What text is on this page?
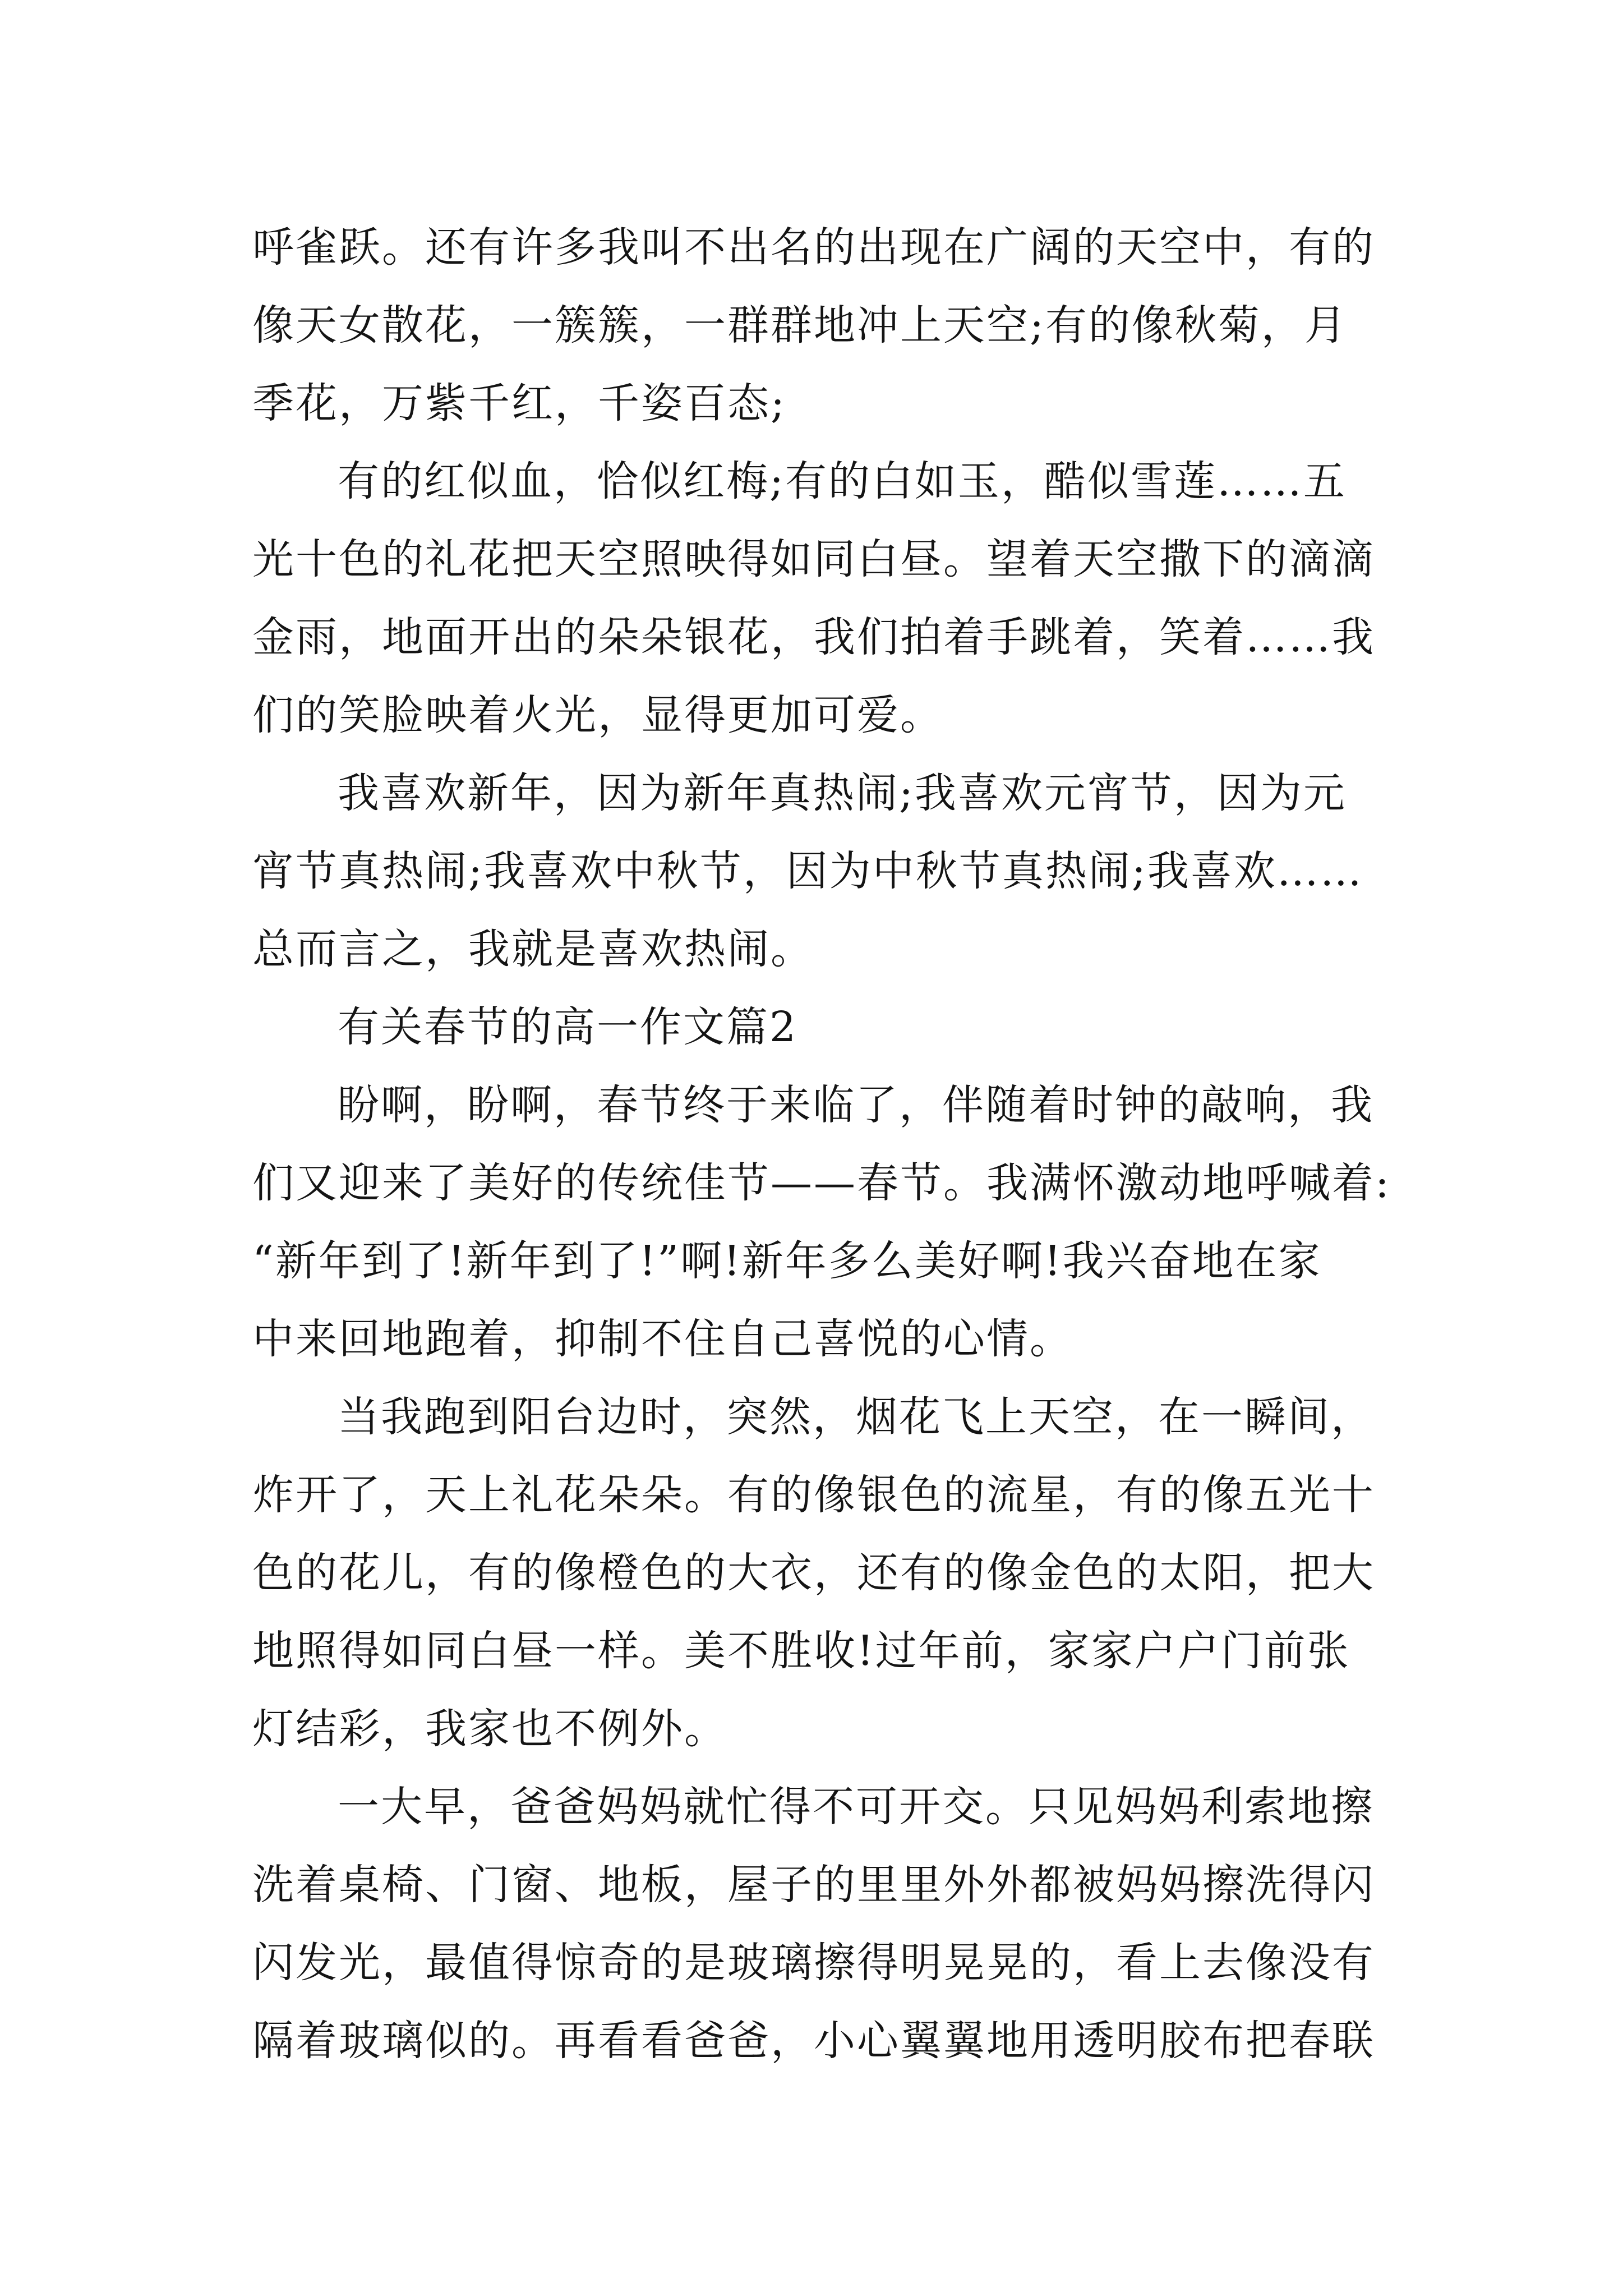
呼雀跃。还有许多我叫不出名的出现在广阔的天空中，有的
像天女散花，一簇簇，一群群地冲上天空;有的像秋菊，月
季花，万紫千红，千姿百态;
有的红似血，恰似红梅;有的白如玉，酷似雪莲……五
光十色的礼花把天空照映得如同白昼。望着天空撒下的滴滴
金雨，地面开出的朵朵银花，我们拍着手跳着，笑着……我
们的笑脸映着火光，显得更加可爱。
我喜欢新年，因为新年真热闹;我喜欢元宵节，因为元
宵节真热闹;我喜欢中秋节，因为中秋节真热闹;我喜欢……
总而言之，我就是喜欢热闹。
有关春节的高一作文篇2
盼啊，盼啊，春节终于来临了，伴随着时钟的敲响，我
们又迎来了美好的传统佳节——春节。我满怀激动地呼喊着:
“新年到了!新年到了!”啊!新年多么美好啊!我兴奋地在家
中来回地跑着，抑制不住自己喜悦的心情。
当我跑到阳台边时，突然，烟花飞上天空，在一瞬间，
炸开了，天上礼花朵朵。有的像银色的流星，有的像五光十
色的花儿，有的像橙色的大衣，还有的像金色的太阳，把大
地照得如同白昼一样。美不胜收!过年前，家家户户门前张
灯结彩，我家也不例外。
一大早，爸爸妈妈就忙得不可开交。只见妈妈利索地擦
洗着桌椅、门窗、地板，屋子的里里外外都被妈妈擦洗得闪
闪发光，最值得惊奇的是玻璃擦得明晃晃的，看上去像没有
隔着玻璃似的。再看看爸爸，小心翼翼地用透明胶布把春联
